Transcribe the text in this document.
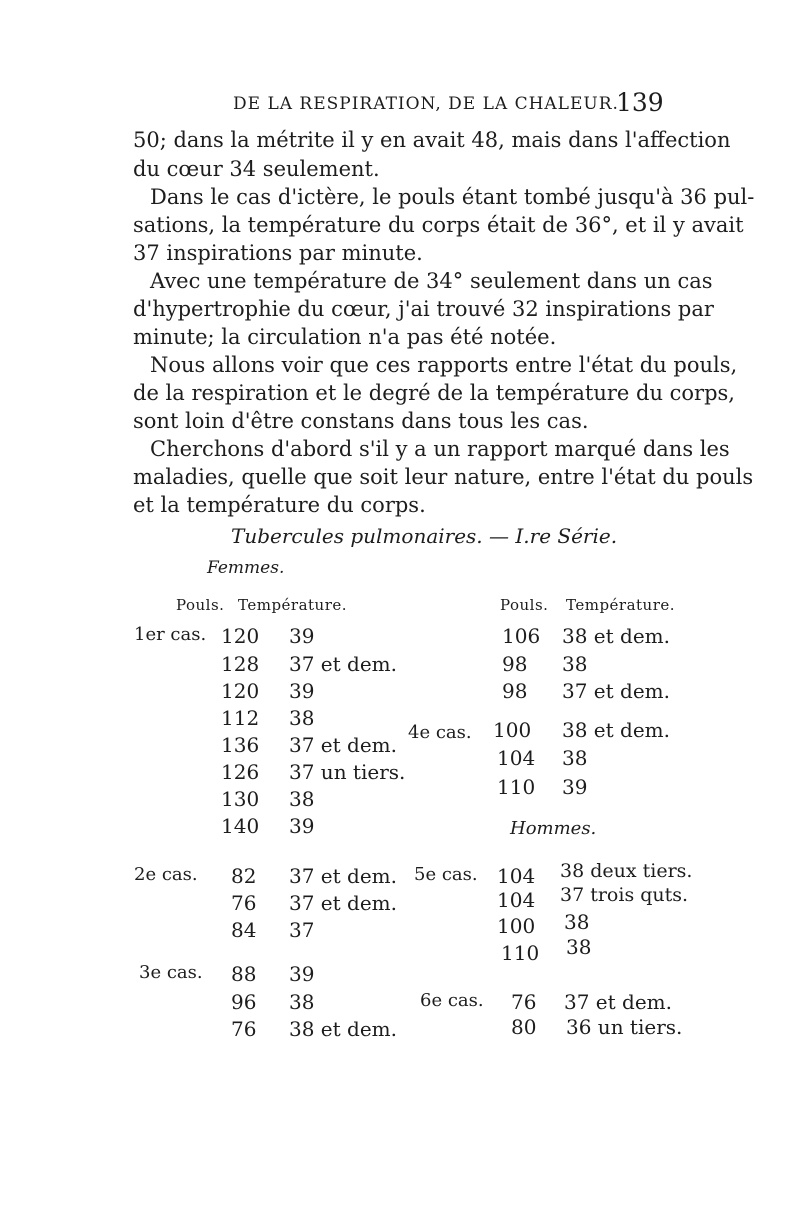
DE LA RESPIRATION, DE LA CHALEUR.
139
50; dans la métrite il y en avait 48, mais dans l'affection
du cœur 34 seulement.
Dans le cas d'ictère, le pouls étant tombé jusqu'à 36 pul-
sations, la température du corps était de 36°, et il y avait
37 inspirations par minute.
Avec une température de 34° seulement dans un cas
d'hypertrophie du cœur, j'ai trouvé 32 inspirations par
minute; la circulation n'a pas été notée.
Nous allons voir que ces rapports entre l'état du pouls,
de la respiration et le degré de la température du corps,
sont loin d'être constans dans tous les cas.
Cherchons d'abord s'il y a un rapport marqué dans les
maladies, quelle que soit leur nature, entre l'état du pouls
et la température du corps.
Tubercules pulmonaires. — I.re Série.
Femmes.
Pouls. Température.	Pouls. Température.
1er cas. 120 39
128 37 et dem.
120 39
112 38
136 37 et dem.
126 37 un tiers.
130 38
140 39
2e cas. 82 37 et dem.
76 37 et dem.
84 37
3e cas. 88 39
96 38
76 38 et dem.
106 38 et dem.
98 38
98 37 et dem.
4e cas. 100 38 et dem.
104 38
110 39
Hommes.
5e cas. 104 38 deux tiers.
104 37 trois quts.
100 38
110 38
6e cas. 76 37 et dem.
80 36 un tiers.
